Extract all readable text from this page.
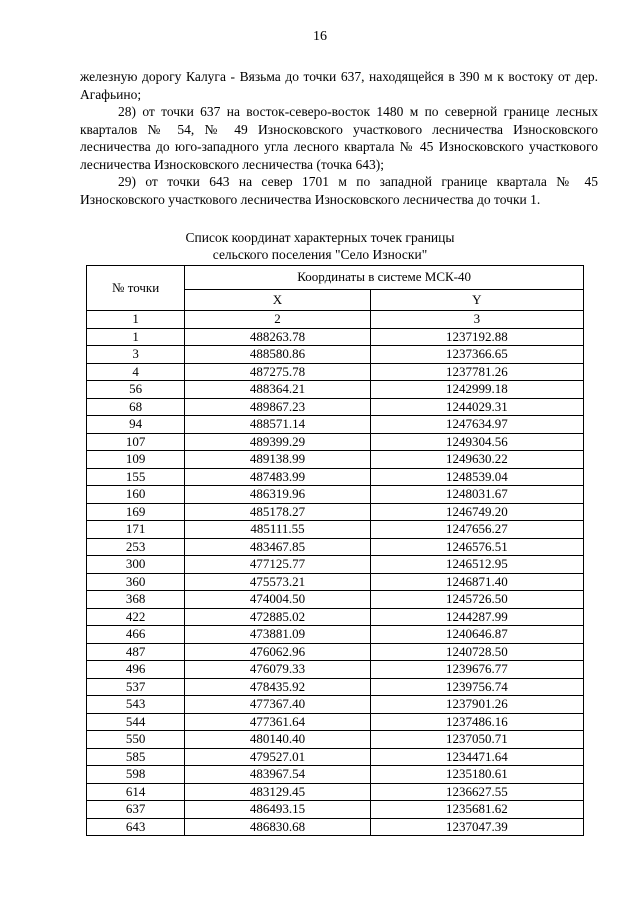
16

железную дорогу Калуга - Вязьма до точки 637, находящейся в 390 м к востоку от дер. Агафьино;

28) от точки 637 на восток-северо-восток 1480 м по северной границе лесных кварталов № 54, № 49 Износковского участкового лесничества Износковского лесничества до юго-западного угла лесного квартала № 45 Износковского участкового лесничества Износковского лесничества (точка 643);

29) от точки 643 на север 1701 м по западной границе квартала № 45 Износковского участкового лесничества Износковского лесничества до точки 1.

Список координат характерных точек границы
сельского поселения "Село Износки"
№ точки	Координаты в системе МСК-40	
	X	Y
1	2	3
1	488263.78	1237192.88
3	488580.86	1237366.65
4	487275.78	1237781.26
56	488364.21	1242999.18
68	489867.23	1244029.31
94	488571.14	1247634.97
107	489399.29	1249304.56
109	489138.99	1249630.22
155	487483.99	1248539.04
160	486319.96	1248031.67
169	485178.27	1246749.20
171	485111.55	1247656.27
253	483467.85	1246576.51
300	477125.77	1246512.95
360	475573.21	1246871.40
368	474004.50	1245726.50
422	472885.02	1244287.99
466	473881.09	1240646.87
487	476062.96	1240728.50
496	476079.33	1239676.77
537	478435.92	1239756.74
543	477367.40	1237901.26
544	477361.64	1237486.16
550	480140.40	1237050.71
585	479527.01	1234471.64
598	483967.54	1235180.61
614	483129.45	1236627.55
637	486493.15	1235681.62
643	486830.68	1237047.39
